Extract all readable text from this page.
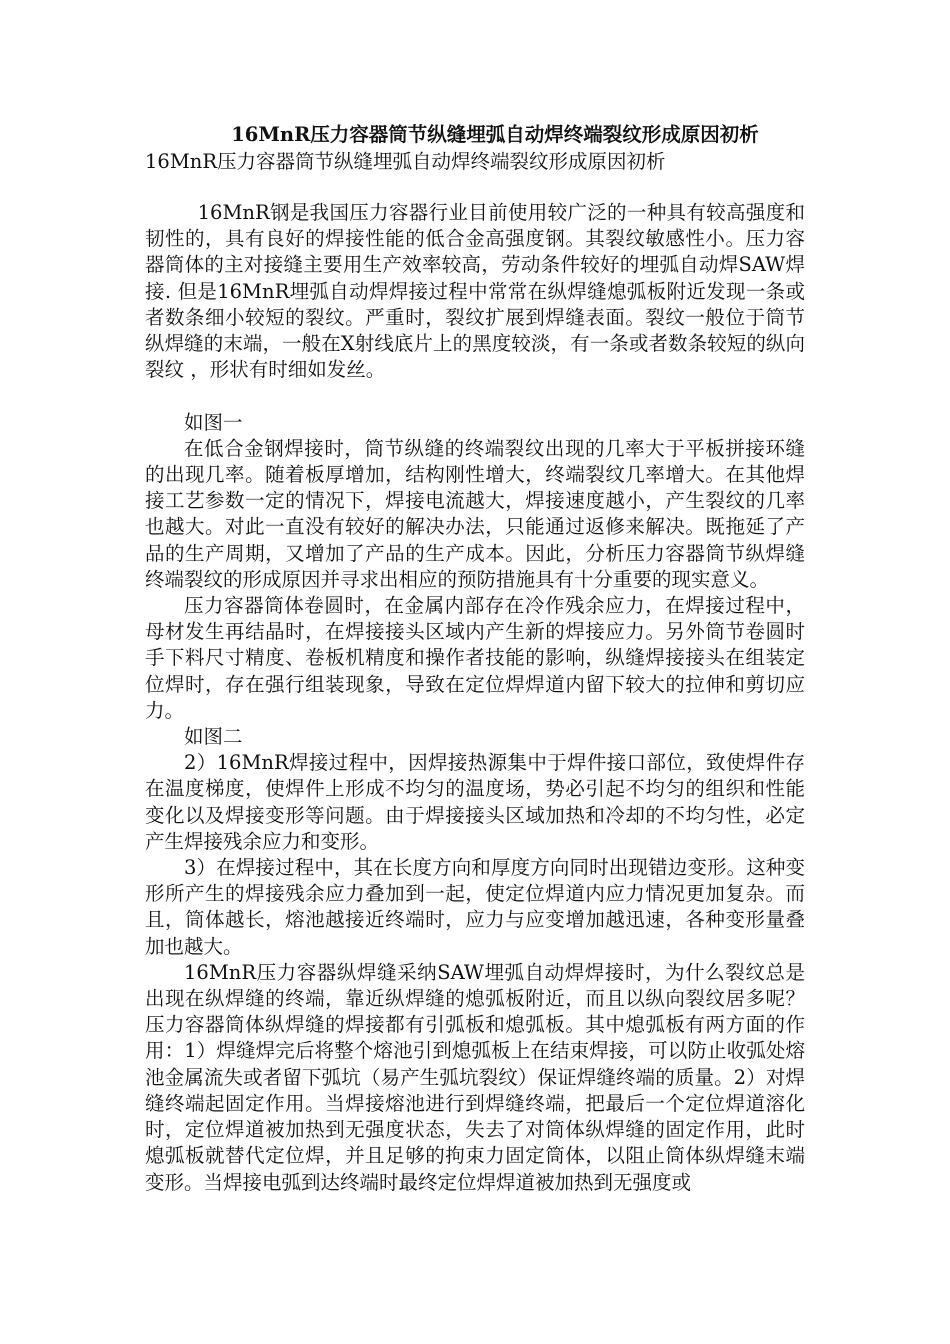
16MnR压力容器筒节纵缝埋弧自动焊终端裂纹形成原因初析
16MnR压力容器筒节纵缝埋弧自动焊终端裂纹形成原因初析

16MnR钢是我国压力容器行业目前使用较广泛的一种具有较高强度和韧性的，具有良好的焊接性能的低合金高强度钢。其裂纹敏感性小。压力容器筒体的主对接缝主要用生产效率较高，劳动条件较好的埋弧自动焊SAW焊接. 但是16MnR埋弧自动焊焊接过程中常常在纵焊缝熄弧板附近发现一条或者数条细小较短的裂纹。严重时，裂纹扩展到焊缝表面。裂纹一般位于筒节纵焊缝的末端，一般在X射线底片上的黑度较淡，有一条或者数条较短的纵向裂纹 ，形状有时细如发丝。

如图一

在低合金钢焊接时，筒节纵缝的终端裂纹出现的几率大于平板拼接环缝的出现几率。随着板厚增加，结构刚性增大，终端裂纹几率增大。在其他焊接工艺参数一定的情况下，焊接电流越大，焊接速度越小，产生裂纹的几率也越大。对此一直没有较好的解决办法，只能通过返修来解决。既拖延了产品的生产周期，又增加了产品的生产成本。因此，分析压力容器筒节纵焊缝终端裂纹的形成原因并寻求出相应的预防措施具有十分重要的现实意义。

压力容器筒体卷圆时，在金属内部存在冷作残余应力，在焊接过程中，母材发生再结晶时，在焊接接头区域内产生新的焊接应力。另外筒节卷圆时手下料尺寸精度、卷板机精度和操作者技能的影响，纵缝焊接接头在组装定位焊时，存在强行组装现象，导致在定位焊焊道内留下较大的拉伸和剪切应力。

如图二

2）16MnR焊接过程中，因焊接热源集中于焊件接口部位，致使焊件存在温度梯度，使焊件上形成不均匀的温度场，势必引起不均匀的组织和性能变化以及焊接变形等问题。由于焊接接头区域加热和冷却的不均匀性，必定产生焊接残余应力和变形。

3）在焊接过程中，其在长度方向和厚度方向同时出现错边变形。这种变形所产生的焊接残余应力叠加到一起，使定位焊道内应力情况更加复杂。而且，筒体越长，熔池越接近终端时，应力与应变增加越迅速，各种变形量叠加也越大。

16MnR压力容器纵焊缝采纳SAW埋弧自动焊焊接时，为什么裂纹总是出现在纵焊缝的终端，靠近纵焊缝的熄弧板附近，而且以纵向裂纹居多呢？压力容器筒体纵焊缝的焊接都有引弧板和熄弧板。其中熄弧板有两方面的作用：1）焊缝焊完后将整个熔池引到熄弧板上在结束焊接，可以防止收弧处熔池金属流失或者留下弧坑（易产生弧坑裂纹）保证焊缝终端的质量。2）对焊缝终端起固定作用。当焊接熔池进行到焊缝终端，把最后一个定位焊道溶化时，定位焊道被加热到无强度状态，失去了对筒体纵焊缝的固定作用，此时熄弧板就替代定位焊，并且足够的拘束力固定筒体，以阻止筒体纵焊缝末端变形。当焊接电弧到达终端时最终定位焊焊道被加热到无强度或
